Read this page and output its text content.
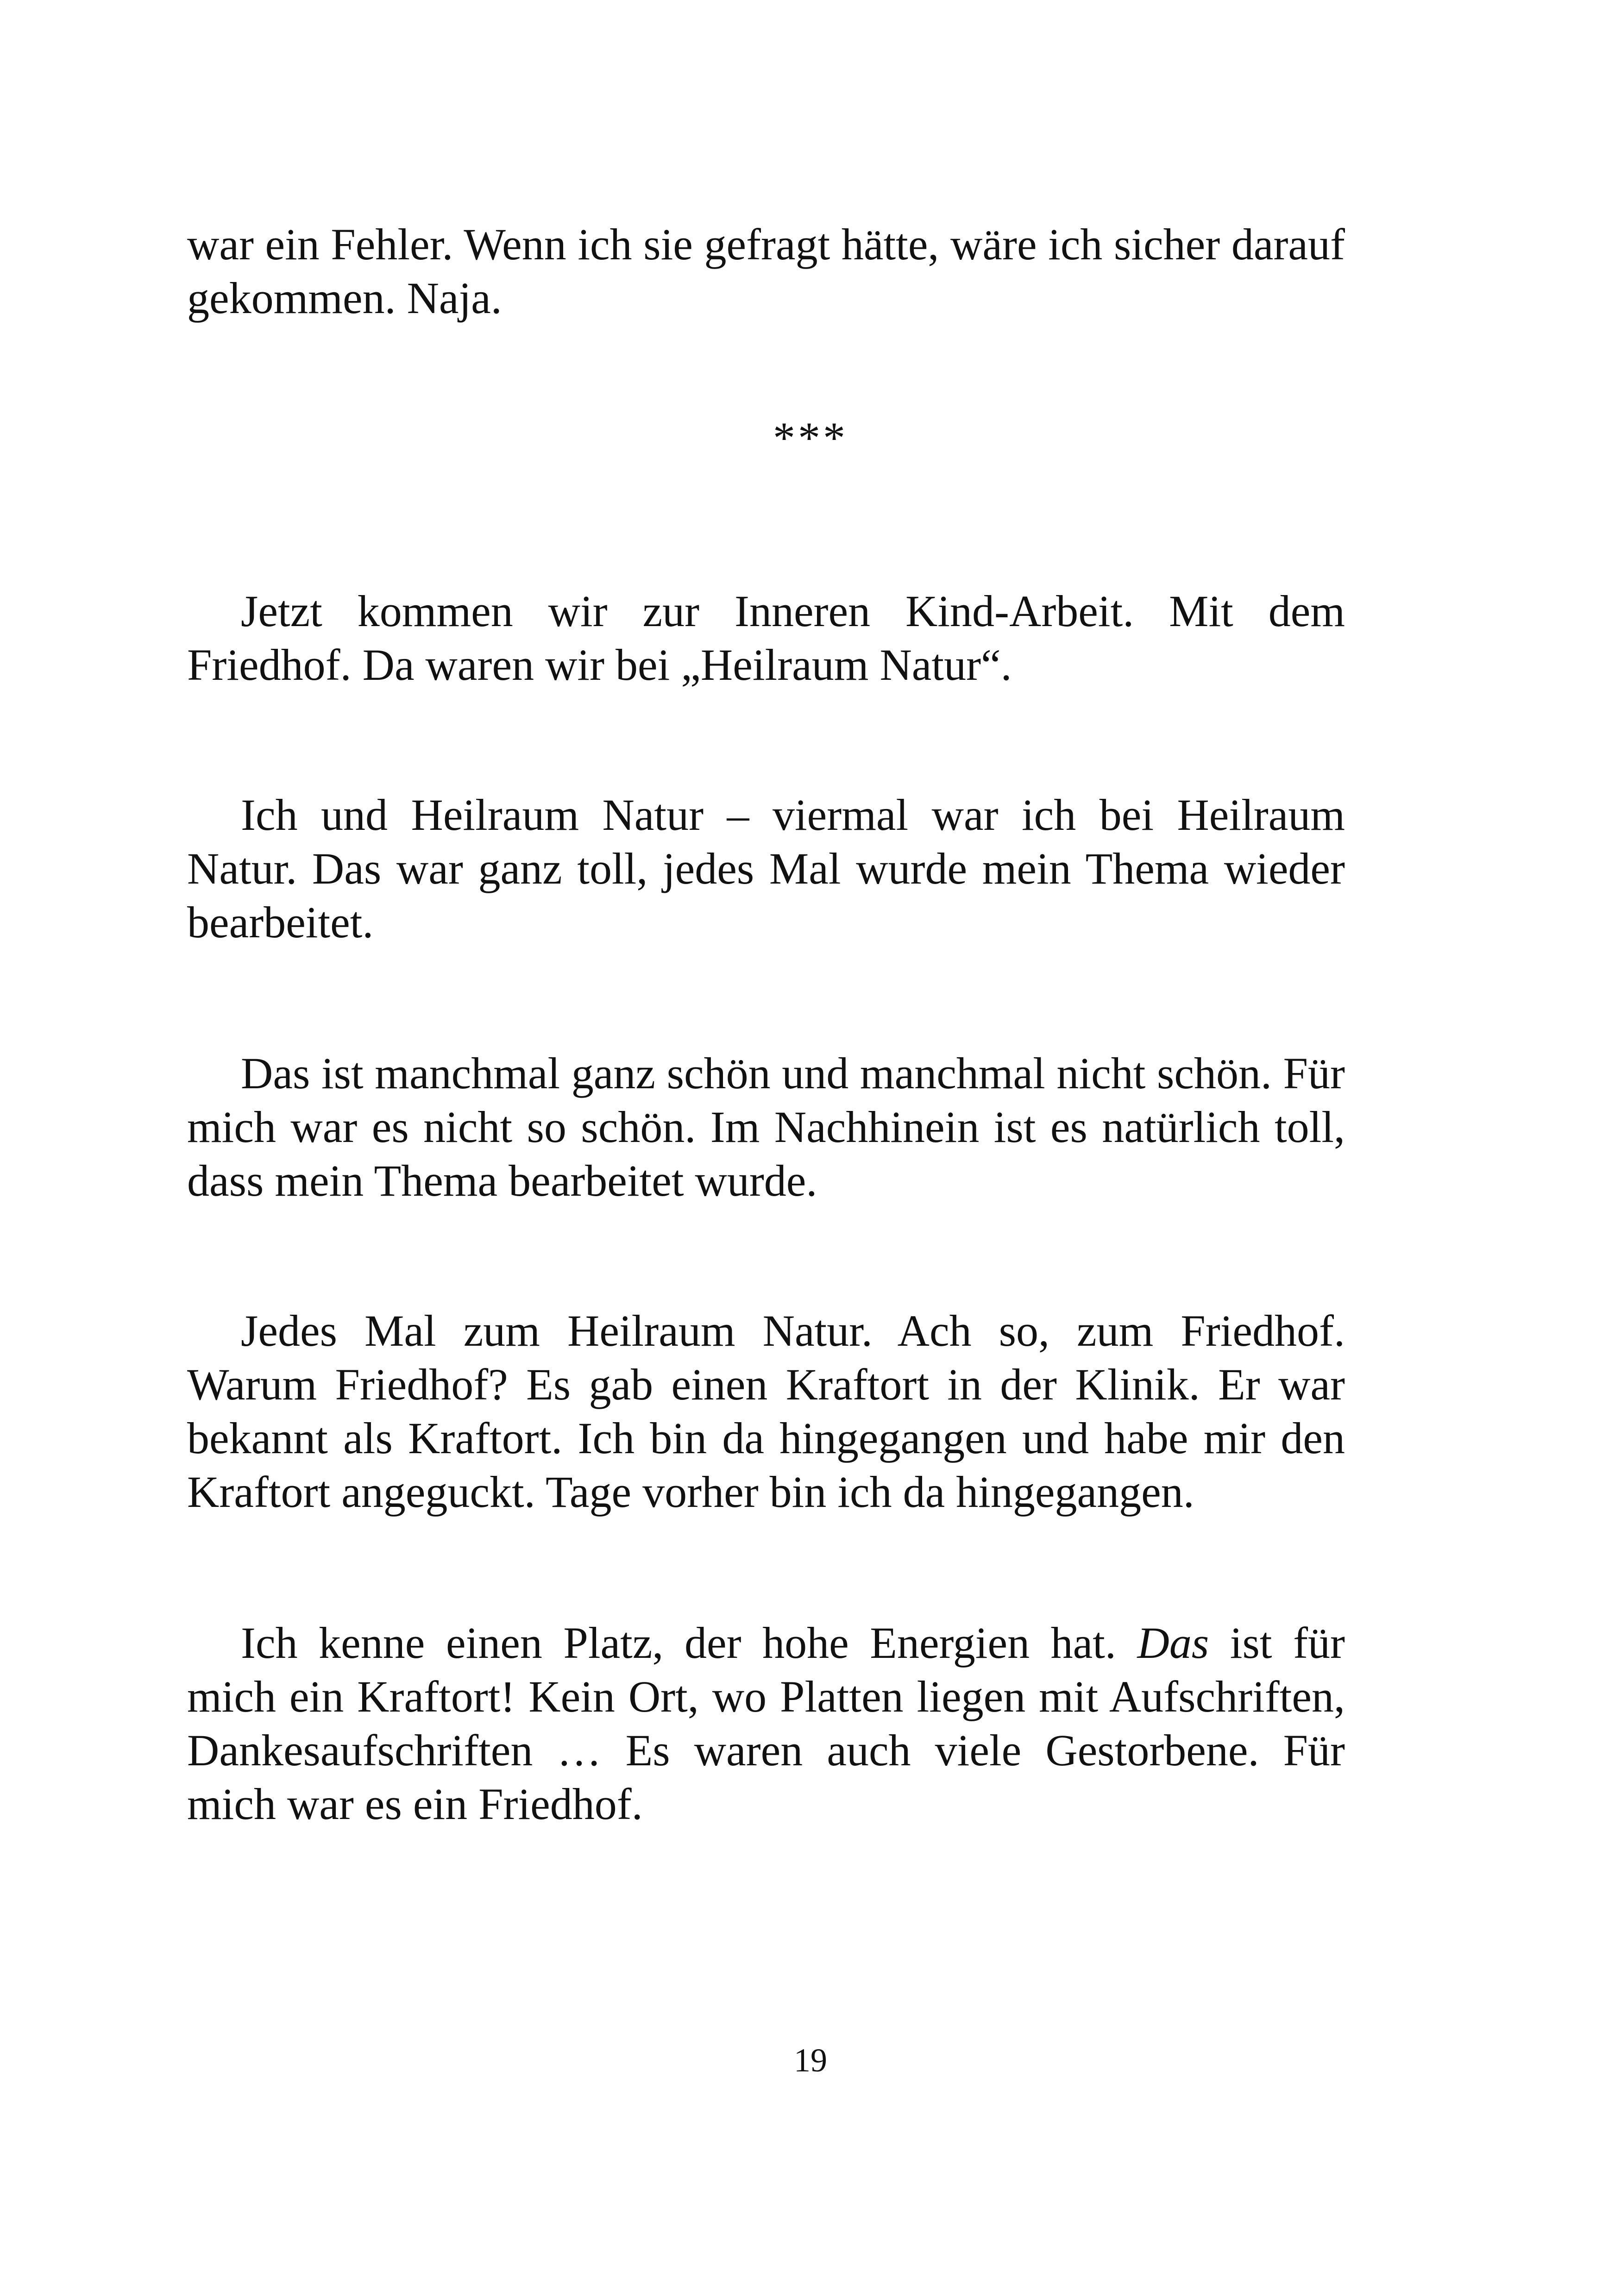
war ein Fehler. Wenn ich sie gefragt hätte, wäre ich sicher darauf gekommen. Naja.

***

Jetzt kommen wir zur Inneren Kind-Arbeit. Mit dem Friedhof. Da waren wir bei „Heilraum Natur“.

Ich und Heilraum Natur – viermal war ich bei Heilraum Natur. Das war ganz toll, jedes Mal wurde mein Thema wieder bearbeitet.

Das ist manchmal ganz schön und manchmal nicht schön. Für mich war es nicht so schön. Im Nachhinein ist es natürlich toll, dass mein Thema bearbeitet wurde.

Jedes Mal zum Heilraum Natur. Ach so, zum Friedhof. Warum Friedhof? Es gab einen Kraftort in der Klinik. Er war bekannt als Kraftort. Ich bin da hingegangen und habe mir den Kraftort angeguckt. Tage vorher bin ich da hingegangen.

Ich kenne einen Platz, der hohe Energien hat. Das ist für mich ein Kraftort! Kein Ort, wo Platten liegen mit Aufschriften, Dankesaufschriften … Es waren auch viele Gestorbene. Für mich war es ein Friedhof.

19
